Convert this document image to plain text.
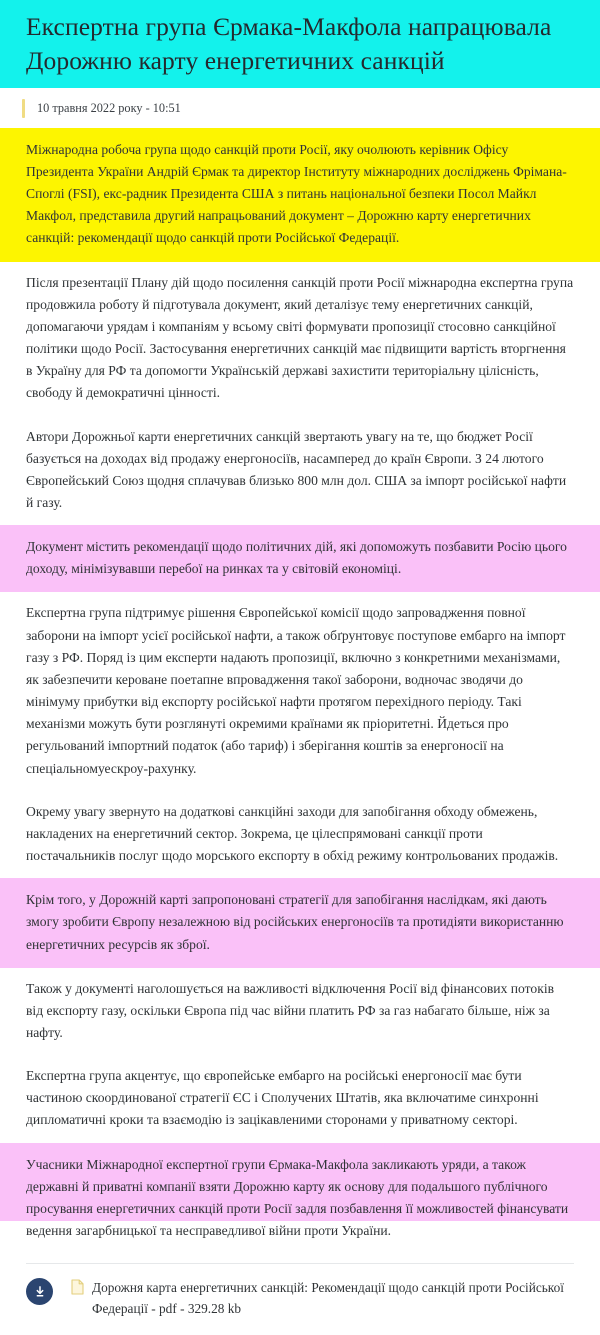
Експертна група Єрмака-Макфола напрацювала Дорожню карту енергетичних санкцій
10 травня 2022 року - 10:51

Міжнародна робоча група щодо санкцій проти Росії, яку очолюють керівник Офісу Президента України Андрій Єрмак та директор Інституту міжнародних досліджень Фрімана-Споглі (FSI), екс-радник Президента США з питань національної безпеки Посол Майкл Макфол, представила другий напрацьований документ – Дорожню карту енергетичних санкцій: рекомендації щодо санкцій проти Російської Федерації.

Після презентації Плану дій щодо посилення санкцій проти Росії міжнародна експертна група продовжила роботу й підготувала документ, який деталізує тему енергетичних санкцій, допомагаючи урядам і компаніям у всьому світі формувати пропозиції стосовно санкційної політики щодо Росії. Застосування енергетичних санкцій має підвищити вартість вторгнення в Україну для РФ та допомогти Українській державі захистити територіальну цілісність, свободу й демократичні цінності.

Автори Дорожньої карти енергетичних санкцій звертають увагу на те, що бюджет Росії базується на доходах від продажу енергоносіїв, насамперед до країн Європи. З 24 лютого Європейський Союз щодня сплачував близько 800 млн дол. США за імпорт російської нафти й газу.

Документ містить рекомендації щодо політичних дій, які допоможуть позбавити Росію цього доходу, мінімізувавши перебої на ринках та у світовій економіці.

Експертна група підтримує рішення Європейської комісії щодо запровадження повної заборони на імпорт усієї російської нафти, а також обґрунтовує поступове ембарго на імпорт газу з РФ. Поряд із цим експерти надають пропозиції, включно з конкретними механізмами, як забезпечити кероване поетапне впровадження такої заборони, водночас зводячи до мінімуму прибутки від експорту російської нафти протягом перехідного періоду. Такі механізми можуть бути розглянуті окремими країнами як пріоритетні. Йдеться про регульований імпортний податок (або тариф) і зберігання коштів за енергоносії на спеціальномуескроу-рахунку.

Окрему увагу звернуто на додаткові санкційні заходи для запобігання обходу обмежень, накладених на енергетичний сектор. Зокрема, це цілеспрямовані санкції проти постачальників послуг щодо морського експорту в обхід режиму контрольованих продажів.

Крім того, у Дорожній карті запропоновані стратегії для запобігання наслідкам, які дають змогу зробити Європу незалежною від російських енергоносіїв та протидіяти використанню енергетичних ресурсів як зброї.

Також у документі наголошується на важливості відключення Росії від фінансових потоків від експорту газу, оскільки Європа під час війни платить РФ за газ набагато більше, ніж за нафту.

Експертна група акцентує, що європейське ембарго на російські енергоносії має бути частиною скоординованої стратегії ЄС і Сполучених Штатів, яка включатиме синхронні дипломатичні кроки та взаємодію із зацікавленими сторонами у приватному секторі.

Учасники Міжнародної експертної групи Єрмака-Макфола закликають уряди, а також державні й приватні компанії взяти Дорожню карту як основу для подальшого публічного просування енергетичних санкцій проти Росії задля позбавлення її можливостей фінансувати ведення загарбницької та несправедливої війни проти України.

Дорожня карта енергетичних санкцій: Рекомендації щодо санкцій проти Російської Федерації - pdf - 329.28 kb
